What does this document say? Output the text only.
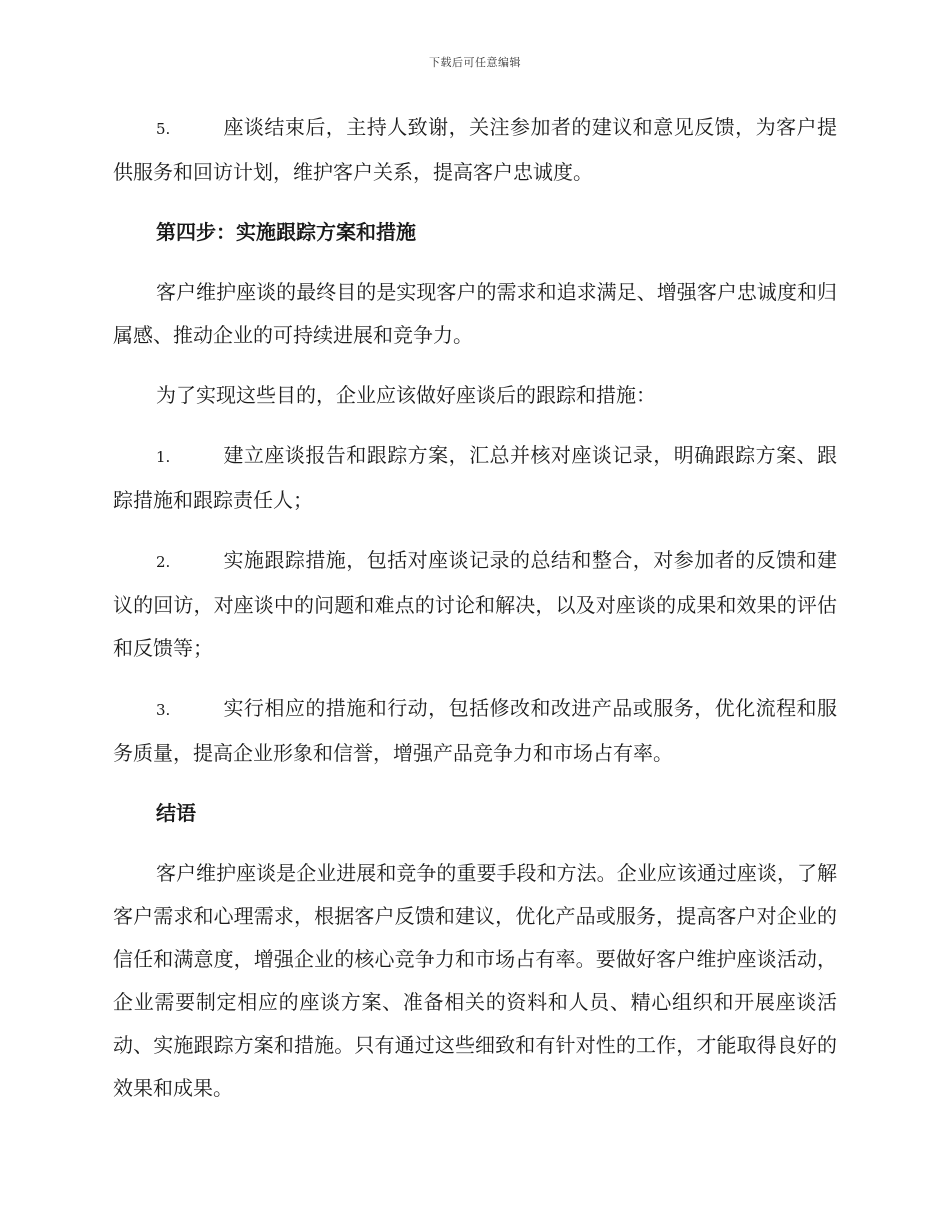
下载后可任意编辑

5.	座谈结束后，主持人致谢，关注参加者的建议和意见反馈，为客户提供服务和回访计划，维护客户关系，提高客户忠诚度。

第四步：实施跟踪方案和措施

客户维护座谈的最终目的是实现客户的需求和追求满足、增强客户忠诚度和归属感、推动企业的可持续进展和竞争力。

为了实现这些目的，企业应该做好座谈后的跟踪和措施：

1.	建立座谈报告和跟踪方案，汇总并核对座谈记录，明确跟踪方案、跟踪措施和跟踪责任人；

2.	实施跟踪措施，包括对座谈记录的总结和整合，对参加者的反馈和建议的回访，对座谈中的问题和难点的讨论和解决，以及对座谈的成果和效果的评估和反馈等；

3.	实行相应的措施和行动，包括修改和改进产品或服务，优化流程和服务质量，提高企业形象和信誉，增强产品竞争力和市场占有率。

结语

客户维护座谈是企业进展和竞争的重要手段和方法。企业应该通过座谈，了解客户需求和心理需求，根据客户反馈和建议，优化产品或服务，提高客户对企业的信任和满意度，增强企业的核心竞争力和市场占有率。要做好客户维护座谈活动，企业需要制定相应的座谈方案、准备相关的资料和人员、精心组织和开展座谈活动、实施跟踪方案和措施。只有通过这些细致和有针对性的工作，才能取得良好的效果和成果。
